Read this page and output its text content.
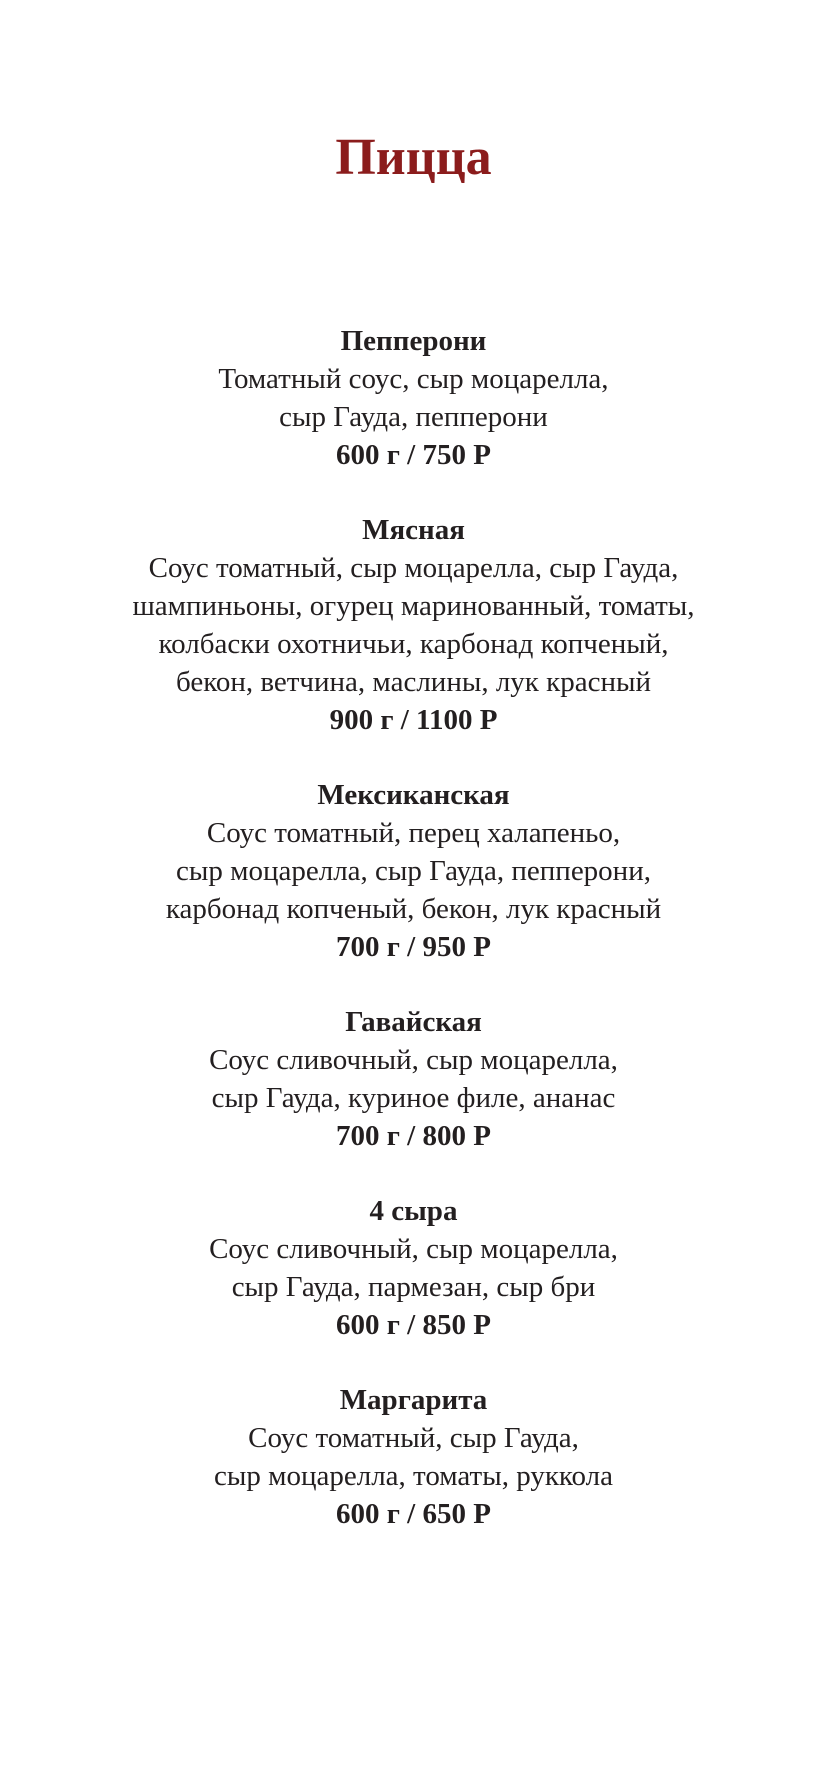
Пицца
Пепперони
Томатный соус, сыр моцарелла,
сыр Гауда, пепперони
600 г / 750 Р
Мясная
Соус томатный, сыр моцарелла, сыр Гауда,
шампиньоны, огурец маринованный, томаты,
колбаски охотничьи, карбонад копченый,
бекон, ветчина, маслины, лук красный
900 г / 1100 Р
Мексиканская
Соус томатный, перец халапеньо,
сыр моцарелла, сыр Гауда, пепперони,
карбонад копченый, бекон, лук красный
700 г / 950 Р
Гавайская
Соус сливочный, сыр моцарелла,
сыр Гауда, куриное филе, ананас
700 г / 800 Р
4 сыра
Соус сливочный, сыр моцарелла,
сыр Гауда, пармезан, сыр бри
600 г / 850 Р
Маргарита
Соус томатный, сыр Гауда,
сыр моцарелла, томаты, руккола
600 г / 650 Р
